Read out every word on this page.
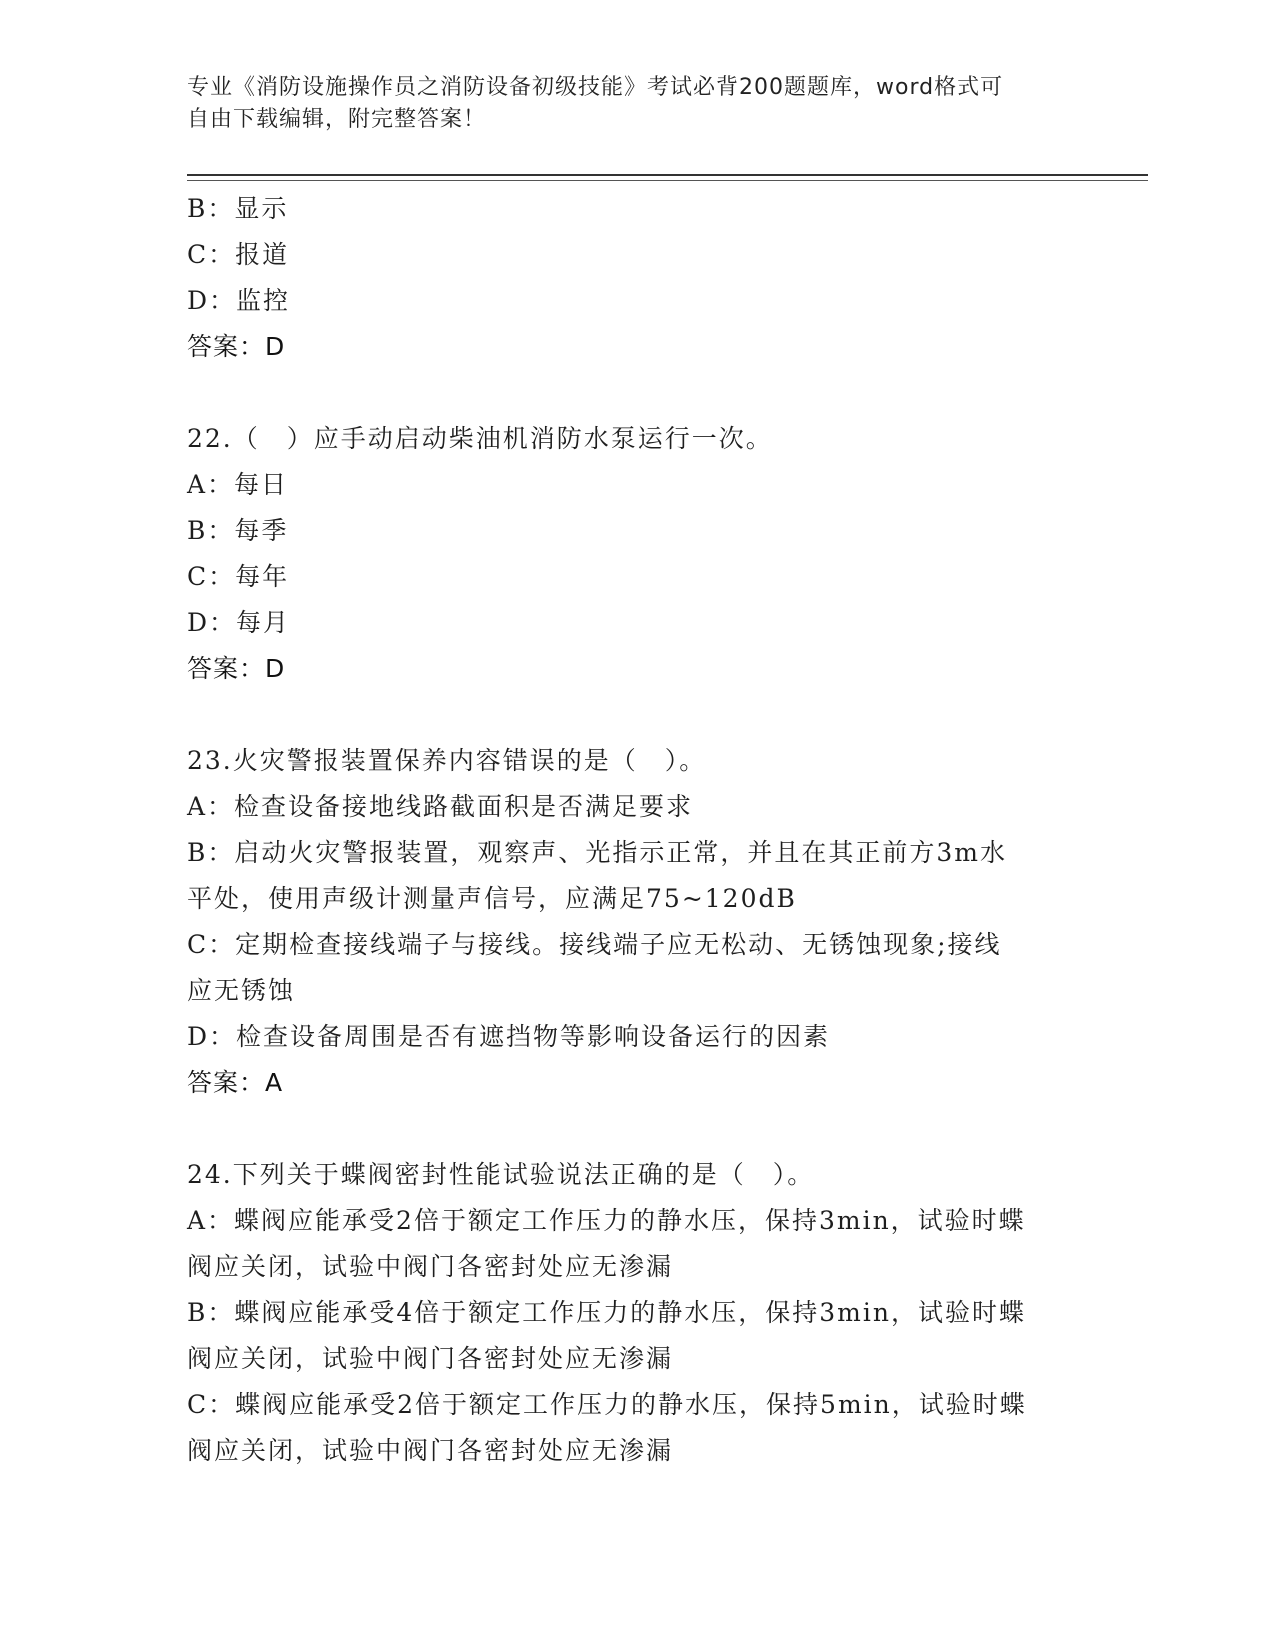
专业《消防设施操作员之消防设备初级技能》考试必背200题题库，word格式可
自由下载编辑，附完整答案！
B：显示
C：报道
D：监控
答案：D
22.（　）应手动启动柴油机消防水泵运行一次。
A：每日
B：每季
C：每年
D：每月
答案：D
23.火灾警报装置保养内容错误的是（　）。
A：检查设备接地线路截面积是否满足要求
B：启动火灾警报装置，观察声、光指示正常，并且在其正前方3m水
平处，使用声级计测量声信号，应满足75~120dB
C：定期检查接线端子与接线。接线端子应无松动、无锈蚀现象;接线
应无锈蚀
D：检查设备周围是否有遮挡物等影响设备运行的因素
答案：A
24.下列关于蝶阀密封性能试验说法正确的是（　）。
A：蝶阀应能承受2倍于额定工作压力的静水压，保持3min，试验时蝶
阀应关闭，试验中阀门各密封处应无渗漏
B：蝶阀应能承受4倍于额定工作压力的静水压，保持3min，试验时蝶
阀应关闭，试验中阀门各密封处应无渗漏
C：蝶阀应能承受2倍于额定工作压力的静水压，保持5min，试验时蝶
阀应关闭，试验中阀门各密封处应无渗漏
